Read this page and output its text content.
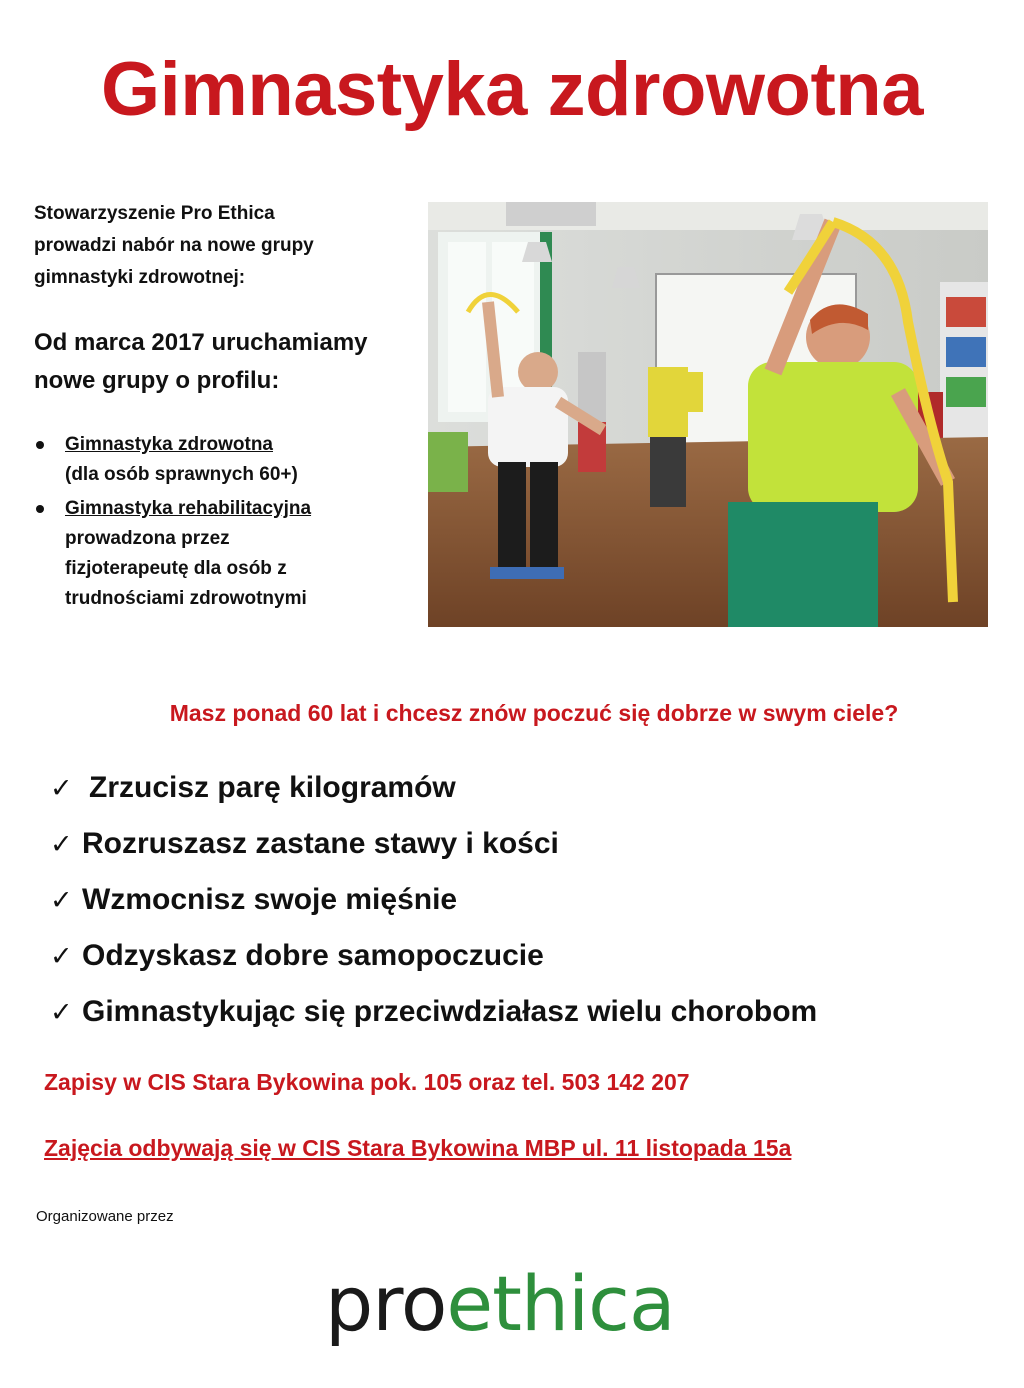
Gimnastyka zdrowotna
Stowarzyszenie Pro Ethica
prowadzi nabór na nowe grupy
gimnastyki zdrowotnej:
Od marca 2017 uruchamiamy
nowe grupy o profilu:
Gimnastyka zdrowotna
(dla osób sprawnych 60+)
Gimnastyka rehabilitacyjna
prowadzona przez
fizjoterapeutę dla osób z
trudnościami zdrowotnymi
Masz ponad 60 lat i chcesz znów poczuć się dobrze w swym ciele?
✓ Zrzucisz parę kilogramów
✓ Rozruszasz zastane stawy i kości
✓ Wzmocnisz swoje mięśnie
✓ Odzyskasz dobre samopoczucie
✓ Gimnastykując się przeciwdziałasz wielu chorobom
Zapisy w CIS Stara Bykowina pok. 105 oraz tel. 503 142 207
Zajęcia odbywają się w CIS Stara Bykowina MBP ul. 11 listopada 15a
Organizowane przez
pro ethica
